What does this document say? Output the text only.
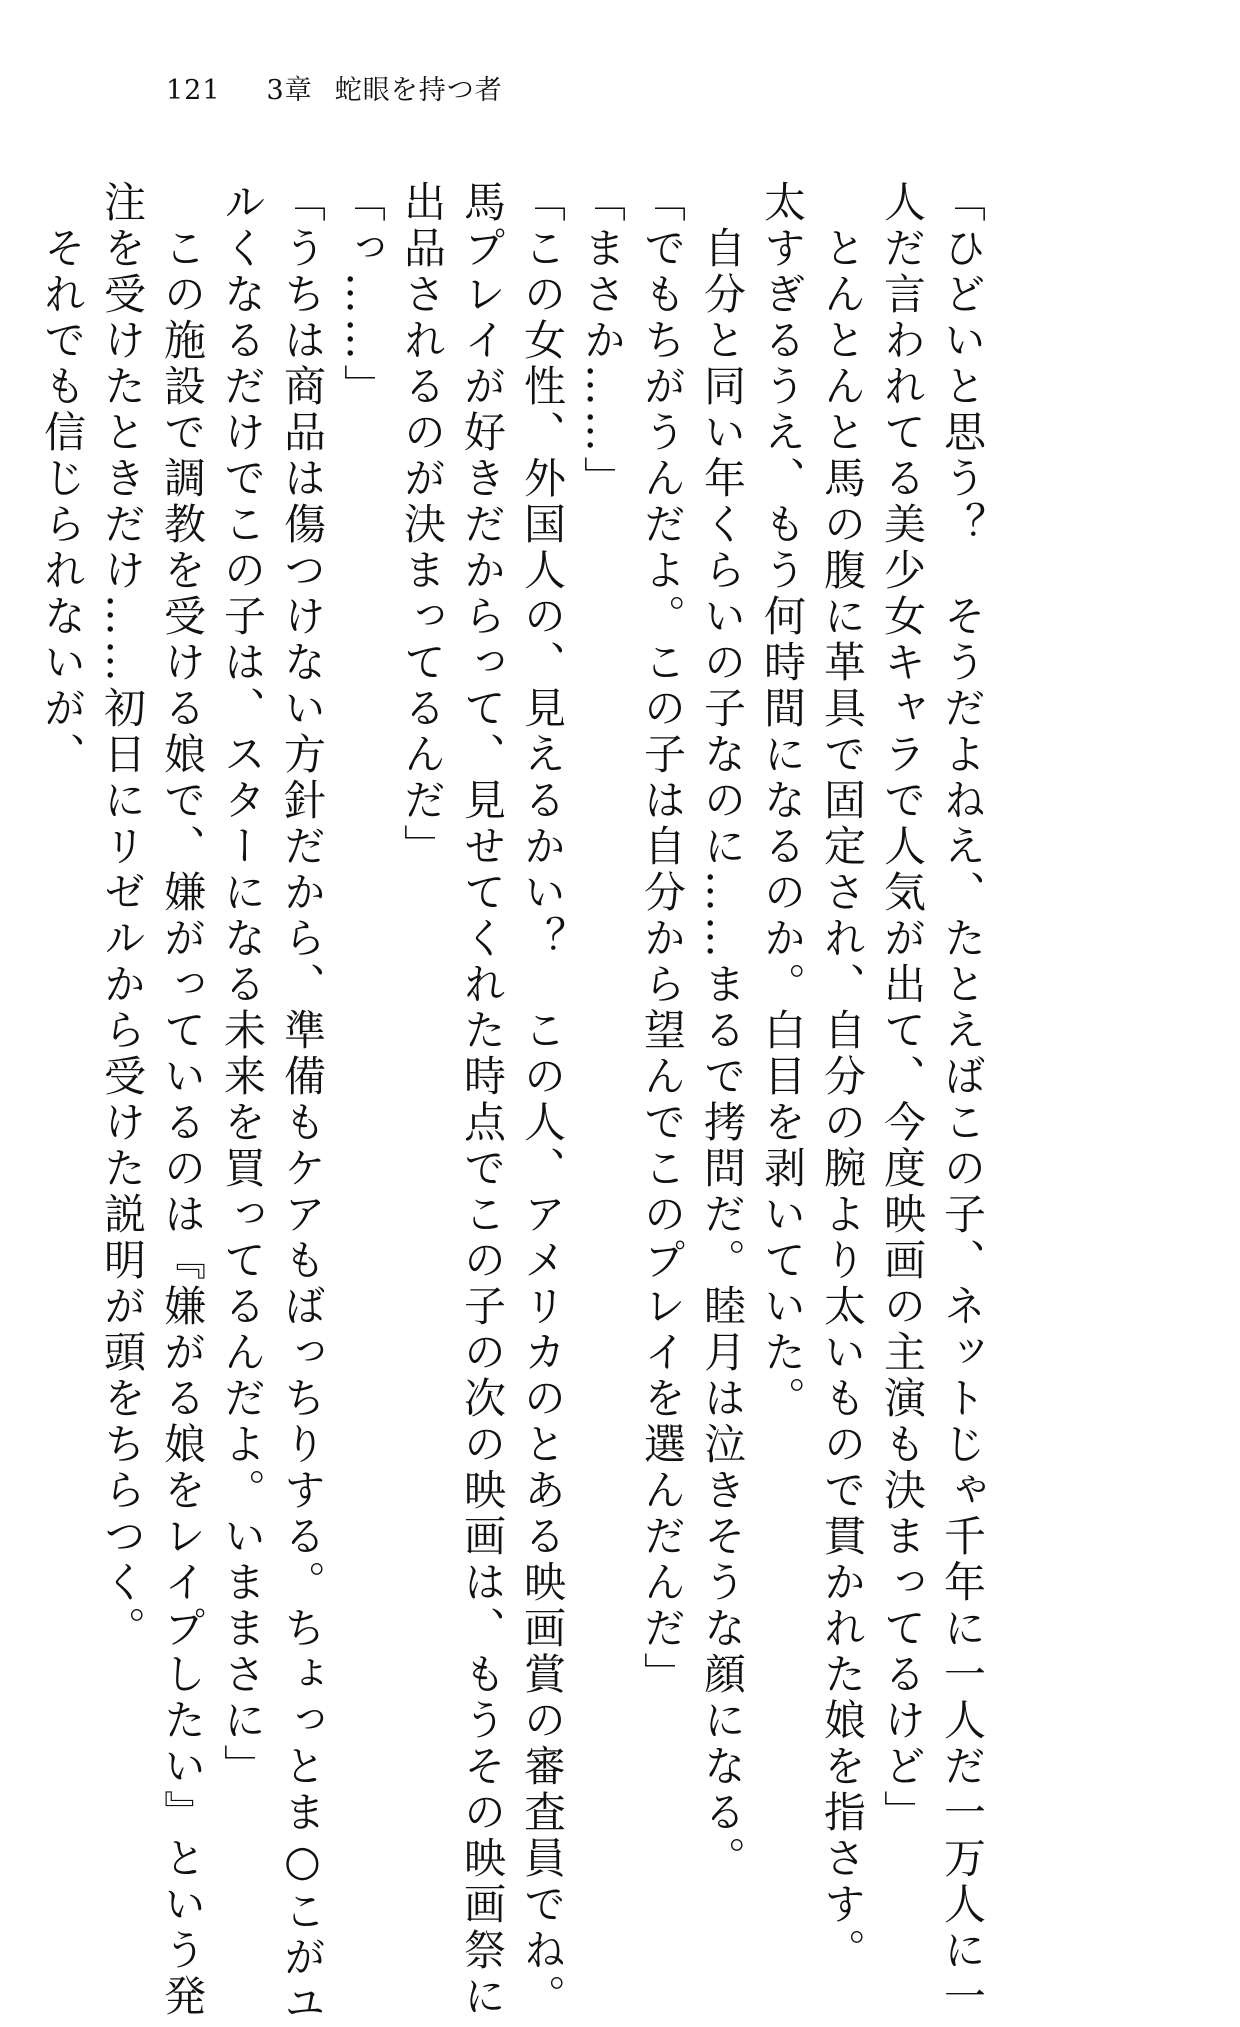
121 3章 蛇眼を持つ者
「ひどいと思う？　そうだよねえ、たとえばこの子、ネットじゃ千年に一人だ一万人に一
人だ言われてる美少女キャラで人気が出て、今度映画の主演も決まってるけど」
　とんとんと馬の腹に革具で固定され、自分の腕より太いもので貫かれた娘を指さす。
太すぎるうえ、もう何時間になるのか。白目を剥いていた。
　自分と同い年くらいの子なのに……まるで拷問だ。睦月は泣きそうな顔になる。
「でもちがうんだよ。この子は自分から望んでこのプレイを選んだんだ」
「まさか……」
「この女性、外国人の、見えるかい？　この人、アメリカのとある映画賞の審査員でね。
馬プレイが好きだからって、見せてくれた時点でこの子の次の映画は、もうその映画祭に
出品されるのが決まってるんだ」
「っ……」
「うちは商品は傷つけない方針だから、準備もケアもばっちりする。ちょっとま○こがユ
ルくなるだけでこの子は、スターになる未来を買ってるんだよ。いままさに」
　この施設で調教を受ける娘で、嫌がっているのは『嫌がる娘をレイプしたい』という発
注を受けたときだけ……初日にリゼルから受けた説明が頭をちらつく。
　それでも信じられないが、
